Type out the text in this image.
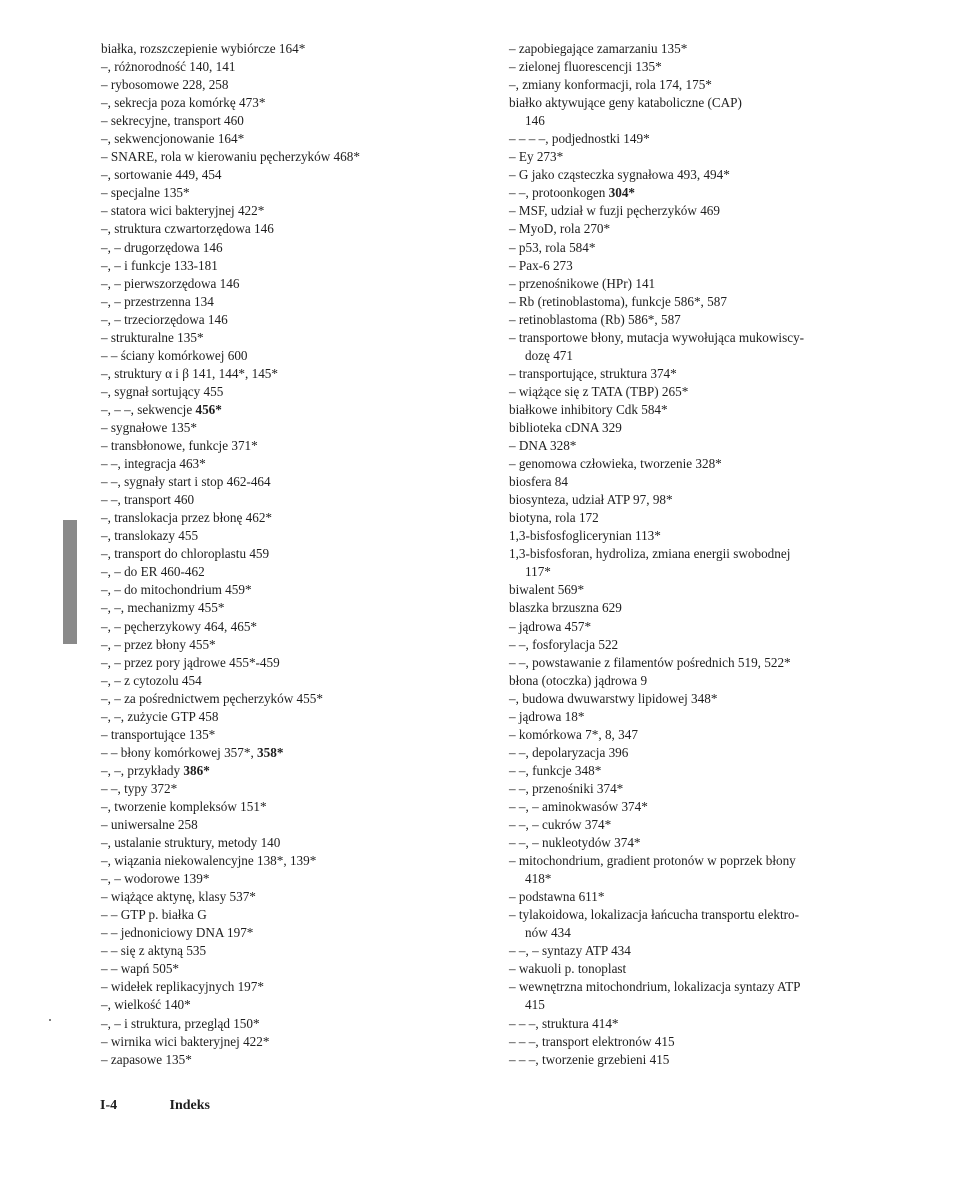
białka, rozszczepienie wybiórcze 164*
–, różnorodność 140, 141
– rybosomowe 228, 258
–, sekrecja poza komórkę 473*
– sekrecyjne, transport 460
–, sekwencjonowanie 164*
– SNARE, rola w kierowaniu pęcherzyków 468*
–, sortowanie 449, 454
– specjalne 135*
– statora wici bakteryjnej 422*
–, struktura czwartorzędowa 146
–, – drugorzędowa 146
–, – i funkcje 133-181
–, – pierwszorzędowa 146
–, – przestrzenna 134
–, – trzeciorzędowa 146
– strukturalne 135*
– – ściany komórkowej 600
–, struktury α i β 141, 144*, 145*
–, sygnał sortujący 455
–, – –, sekwencje 456*
– sygnałowe 135*
– transbłonowe, funkcje 371*
– –, integracja 463*
– –, sygnały start i stop 462-464
– –, transport 460
–, translokacja przez błonę 462*
–, translokazy 455
–, transport do chloroplastu 459
–, – do ER 460-462
–, – do mitochondrium 459*
–, –, mechanizmy 455*
–, – pęcherzykowy 464, 465*
–, – przez błony 455*
–, – przez pory jądrowe 455*-459
–, – z cytozolu 454
–, – za pośrednictwem pęcherzyków 455*
–, –, zużycie GTP 458
– transportujące 135*
– – błony komórkowej 357*, 358*
–, –, przykłady 386*
– –, typy 372*
–, tworzenie kompleksów 151*
– uniwersalne 258
–, ustalanie struktury, metody 140
–, wiązania niekowalencyjne 138*, 139*
–, – wodorowe 139*
– wiążące aktynę, klasy 537*
– – GTP p. białka G
– – jednoniciowy DNA 197*
– – się z aktyną 535
– – wapń 505*
– widełek replikacyjnych 197*
–, wielkość 140*
–, – i struktura, przegląd 150*
– wirnika wici bakteryjnej 422*
– zapasowe 135*
– zapobiegające zamarzaniu 135*
– zielonej fluorescencji 135*
–, zmiany konformacji, rola 174, 175*
białko aktywujące geny kataboliczne (CAP)
146
– – – –, podjednostki 149*
– Ey 273*
– G jako cząsteczka sygnałowa 493, 494*
– –, protoonkogen 304*
– MSF, udział w fuzji pęcherzyków 469
– MyoD, rola 270*
– p53, rola 584*
– Pax-6 273
– przenośnikowe (HPr) 141
– Rb (retinoblastoma), funkcje 586*, 587
– retinoblastoma (Rb) 586*, 587
– transportowe błony, mutacja wywołująca mukowiscy-
dozę 471
– transportujące, struktura 374*
– wiążące się z TATA (TBP) 265*
białkowe inhibitory Cdk 584*
biblioteka cDNA 329
– DNA 328*
– genomowa człowieka, tworzenie 328*
biosfera 84
biosynteza, udział ATP 97, 98*
biotyna, rola 172
1,3-bisfosfoglicerynian 113*
1,3-bisfosforan, hydroliza, zmiana energii swobodnej
117*
biwalent 569*
blaszka brzuszna 629
– jądrowa 457*
– –, fosforylacja 522
– –, powstawanie z filamentów pośrednich 519, 522*
błona (otoczka) jądrowa 9
–, budowa dwuwarstwy lipidowej 348*
– jądrowa 18*
– komórkowa 7*, 8, 347
– –, depolaryzacja 396
– –, funkcje 348*
– –, przenośniki 374*
– –, – aminokwasów 374*
– –, – cukrów 374*
– –, – nukleotydów 374*
– mitochondrium, gradient protonów w poprzek błony
418*
– podstawna 611*
– tylakoidowa, lokalizacja łańcucha transportu elektro-
nów 434
– –, – syntazy ATP 434
– wakuoli p. tonoplast
– wewnętrzna mitochondrium, lokalizacja syntazy ATP
415
– – –, struktura 414*
– – –, transport elektronów 415
– – –, tworzenie grzebieni 415
I-4	Indeks
